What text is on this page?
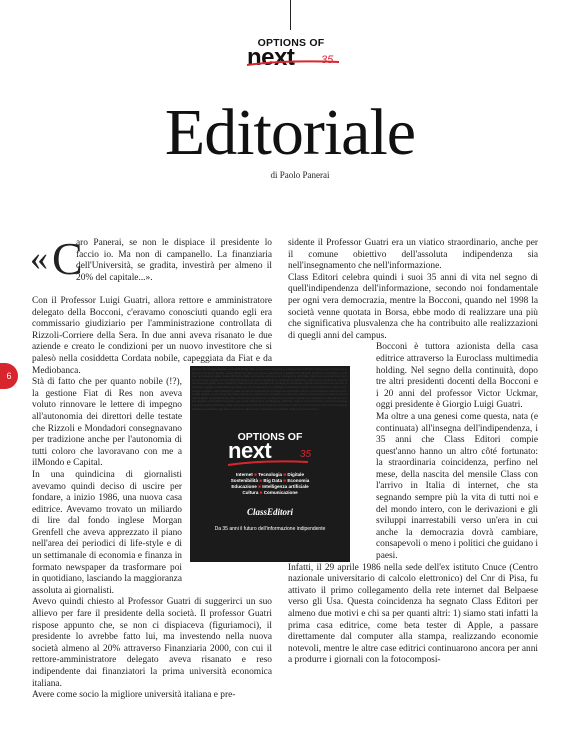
OPTIONS OF
next 35
Editoriale
di Paolo Panerai
6
« C

aro Panerai, se non le dispiace il presidente lo faccio io. Ma non di campanello. La finanziaria dell'Università, se gradita, investirà per almeno il 20% del capitale...».

Con il Professor Luigi Guatri, allora rettore e amministratore delegato della Bocconi, c'eravamo conosciuti quando egli era commissario giudiziario per l'amministrazione controllata di Rizzoli-Corriere della Sera. In due anni aveva risanato le due aziende e creato le condizioni per un nuovo investitore che si palesò nella cosiddetta Cordata nobile, capeggiata da Fiat e da Mediobanca.

Stà di fatto che per quanto nobile (!?), la gestione Fiat di Res non aveva voluto rinnovare le lettere di impegno all'autonomia dei direttori delle testate che Rizzoli e Mondadori consegnavano per tradizione anche per l'autonomia di tutti coloro che lavoravano con me a ilMondo e Capital.

In una quindicina di giornalisti avevamo quindi deciso di uscire per fondare, a inizio 1986, una nuova casa editrice. Avevamo trovato un miliardo di lire dal fondo inglese Morgan Grenfell che aveva apprezzato il piano nell'area dei periodici di life-style e di un settimanale di economia e finanza in formato newspaper da trasformare poi in quotidiano, lasciando la maggioranza assoluta ai giornalisti.

Avevo quindi chiesto al Professor Guatri di suggerirci un suo allievo per fare il presidente della società. Il professor Guatri rispose appunto che, se non ci dispiaceva (figuriamoci), il presidente lo avrebbe fatto lui, ma investendo nella nuova società almeno al 20% attraverso Finanziaria 2000, con cui il rettore-amministratore delegato aveva risanato e reso indipendente dai finanziatori la prima università economica italiana.

Avere come socio la migliore università italiana e pre-

sidente il Professor Guatri era un viatico straordinario, anche per il comune obiettivo dell'assoluta indipendenza sia nell'insegnamento che nell'informazione.

Class Editori celebra quindi i suoi 35 anni di vita nel segno di quell'indipendenza dell'informazione, secondo noi fondamentale per ogni vera democrazia, mentre la Bocconi, quando nel 1998 la società venne quotata in Borsa, ebbe modo di realizzare una più che significativa plusvalenza che ha contribuito alle realizzazioni di quegli anni del campus.

Bocconi è tuttora azionista della casa editrice attraverso la Euroclass multimedia holding. Nel segno della continuità, dopo tre altri presidenti docenti della Bocconi e i 20 anni del professor Victor Uckmar, oggi presidente è Giorgio Luigi Guatri.

Ma oltre a una genesi come questa, nata (e continuata) all'insegna dell'indipendenza, i 35 anni che Class Editori compie quest'anno hanno un altro côté fortunato: la straordinaria coincidenza, perfino nel mese, della nascita del mensile Class con l'arrivo in Italia di internet, che sta segnando sempre più la vita di tutti noi e del mondo intero, con le derivazioni e gli sviluppi inarrestabili verso un'era in cui anche la democrazia dovrà cambiare, consapevoli o meno i politici che guidano i paesi.

Infatti, il 29 aprile 1986 nella sede dell'ex istituto Cnuce (Centro nazionale universitario di calcolo elettronico) del Cnr di Pisa, fu attivato il primo collegamento della rete internet dal Belpaese verso gli Usa. Questa coincidenza ha segnato Class Editori per almeno due motivi e chi sa per quanti altri: 1) siamo stati infatti la prima casa editrice, come beta tester di Apple, a passare direttamente dal computer alla stampa, realizzando economie notevoli, mentre le altre case editrici continuarono ancora per anni a produrre i giornali con la fotocomposi-

internet tecnologia digitale sostenibilità big data economia educazione intelligenza artificiale cultura comunicazione internet tecnologia digitale sostenibilità big data economia educazione intelligenza artificiale cultura comunicazione internet tecnologia digitale sostenibilità big data economia educazione intelligenza artificiale cultura comunicazione internet tecnologia digitale sostenibilità big data economia educazione intelligenza artificiale cultura comunicazione internet tecnologia digitale sostenibilità big data economia educazione intelligenza artificiale cultura comunicazione internet tecnologia digitale sostenibilità big data economia educazione intelligenza artificiale cultura comunicazione internet tecnologia digitale sostenibilità big data economia educazione intelligenza artificiale cultura comunicazione internet tecnologia digitale sostenibilità big data economia educazione intelligenza artificiale cultura comunicazione internet tecnologia digitale sostenibilità big data economia educazione intelligenza artificiale cultura comunicazione internet tecnologia digitale sostenibilità big data economia educazione intelligenza artificiale cultura comunicazione internet tecnologia digitale sostenibilità big data economia educazione intelligenza artificiale cultura comunicazione internet tecnologia digitale sostenibilità big data economia educazione intelligenza artificiale cultura comunicazione
OPTIONS OF
next	35
Internet ■ Tecnologia ■ Digitale
Sostenibilità ■ Big Data ■ Economia
Educazione ■ Intelligenza artificiale
Cultura ■ Comunicazione
ClassEditori
Da 35 anni il futuro dell'informazione indipendente
